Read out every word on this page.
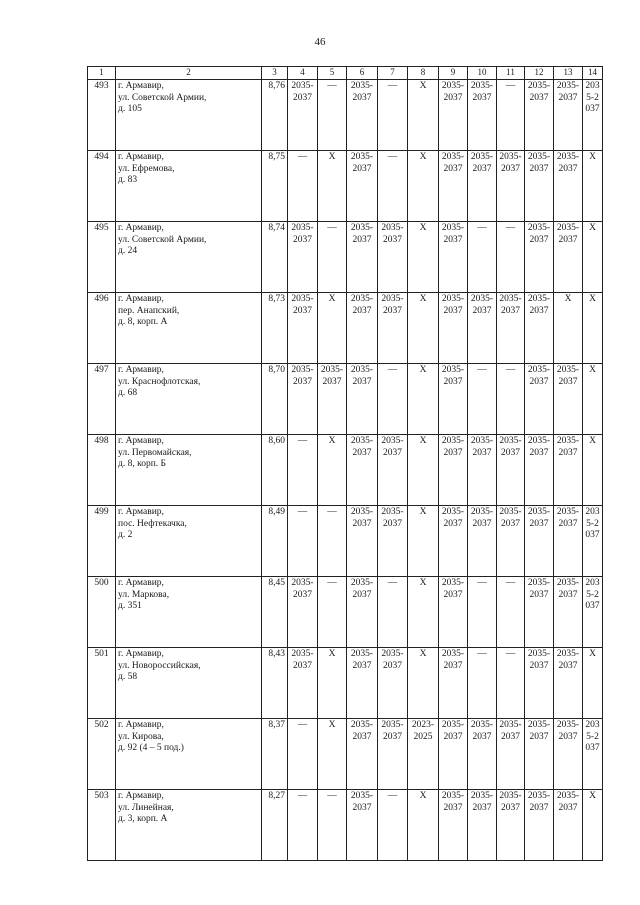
46
1	2	3	4	5	6	7	8	9	10	11	12	13	14
493	г. Армавир,
ул. Советской Армии,
д. 105	8,76	2035-2037	—	2035-2037	—	X	2035-2037	2035-2037	—	2035-2037	2035-2037	2035-2037
494	г. Армавир,
ул. Ефремова,
д. 83	8,75	—	X	2035-2037	—	X	2035-2037	2035-2037	2035-2037	2035-2037	2035-2037	X
495	г. Армавир,
ул. Советской Армии,
д. 24	8,74	2035-2037	—	2035-2037	2035-2037	X	2035-2037	—	—	2035-2037	2035-2037	X
496	г. Армавир,
пер. Анапский,
д. 8, корп. А	8,73	2035-2037	X	2035-2037	2035-2037	X	2035-2037	2035-2037	2035-2037	2035-2037	X	X
497	г. Армавир,
ул. Краснофлотская,
д. 68	8,70	2035-2037	2035-2037	2035-2037	—	X	2035-2037	—	—	2035-2037	2035-2037	X
498	г. Армавир,
ул. Первомайская,
д. 8, корп. Б	8,60	—	X	2035-2037	2035-2037	X	2035-2037	2035-2037	2035-2037	2035-2037	2035-2037	X
499	г. Армавир,
пос. Нефтекачка,
д. 2	8,49	—	—	2035-2037	2035-2037	X	2035-2037	2035-2037	2035-2037	2035-2037	2035-2037	2035-2037
500	г. Армавир,
ул. Маркова,
д. 351	8,45	2035-2037	—	2035-2037	—	X	2035-2037	—	—	2035-2037	2035-2037	2035-2037
501	г. Армавир,
ул. Новороссийская,
д. 58	8,43	2035-2037	X	2035-2037	2035-2037	X	2035-2037	—	—	2035-2037	2035-2037	X
502	г. Армавир,
ул. Кирова,
д. 92 (4 – 5 под.)	8,37	—	X	2035-2037	2035-2037	2023-2025	2035-2037	2035-2037	2035-2037	2035-2037	2035-2037	2035-2037
503	г. Армавир,
ул. Линейная,
д. 3, корп. А	8,27	—	—	2035-2037	—	X	2035-2037	2035-2037	2035-2037	2035-2037	2035-2037	X
